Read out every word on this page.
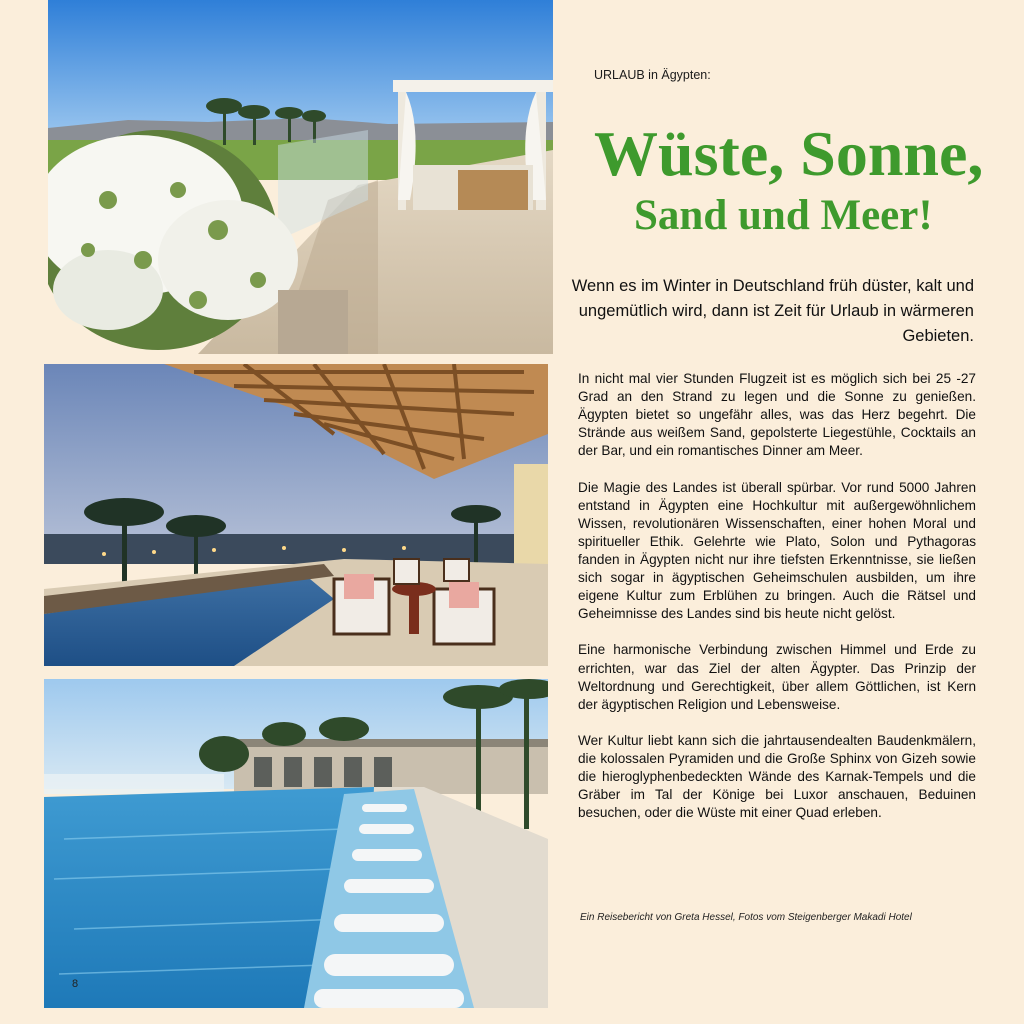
8
URLAUB in Ägypten:
Wüste, Sonne,
Sand und Meer!
Wenn es im Winter in Deutschland früh düster, kalt und ungemütlich wird, dann ist Zeit für Urlaub in wärmeren Gebieten.

In nicht mal vier Stunden Flugzeit ist es möglich sich bei 25 -27 Grad an den Strand zu legen und die Sonne zu genießen. Ägypten bietet so ungefähr alles, was das Herz begehrt. Die Strände aus weißem Sand, gepolsterte Liegestühle, Cocktails an der Bar, und ein romantisches Dinner am Meer.

Die Magie des Landes ist überall spürbar. Vor rund 5000 Jahren entstand in Ägypten eine Hochkultur mit außergewöhnlichem Wissen, revolutionären Wissenschaften, einer hohen Moral und spiritueller Ethik. Gelehrte wie Plato, Solon und Pythagoras fanden in Ägypten nicht nur ihre tiefsten Erkenntnisse, sie ließen sich sogar in ägyptischen Geheimschulen ausbilden, um ihre eigene Kultur zum Erblühen zu bringen. Auch die Rätsel und Geheimnisse des Landes sind bis heute nicht gelöst.

Eine harmonische Verbindung zwischen Himmel und Erde zu errichten, war das Ziel der alten Ägypter. Das Prinzip der Weltordnung und Gerechtigkeit, über allem Göttlichen, ist Kern der ägyptischen Religion und Lebensweise.

Wer Kultur liebt kann sich die jahrtausendealten Baudenkmälern, die kolossalen Pyramiden und die Große Sphinx von Gizeh sowie die hieroglyphenbedeckten Wände des Karnak-Tempels und die Gräber im Tal der Könige bei Luxor anschauen, Beduinen besuchen, oder die Wüste mit einer Quad erleben.

Ein Reisebericht von Greta Hessel, Fotos vom Steigenberger Makadi Hotel
